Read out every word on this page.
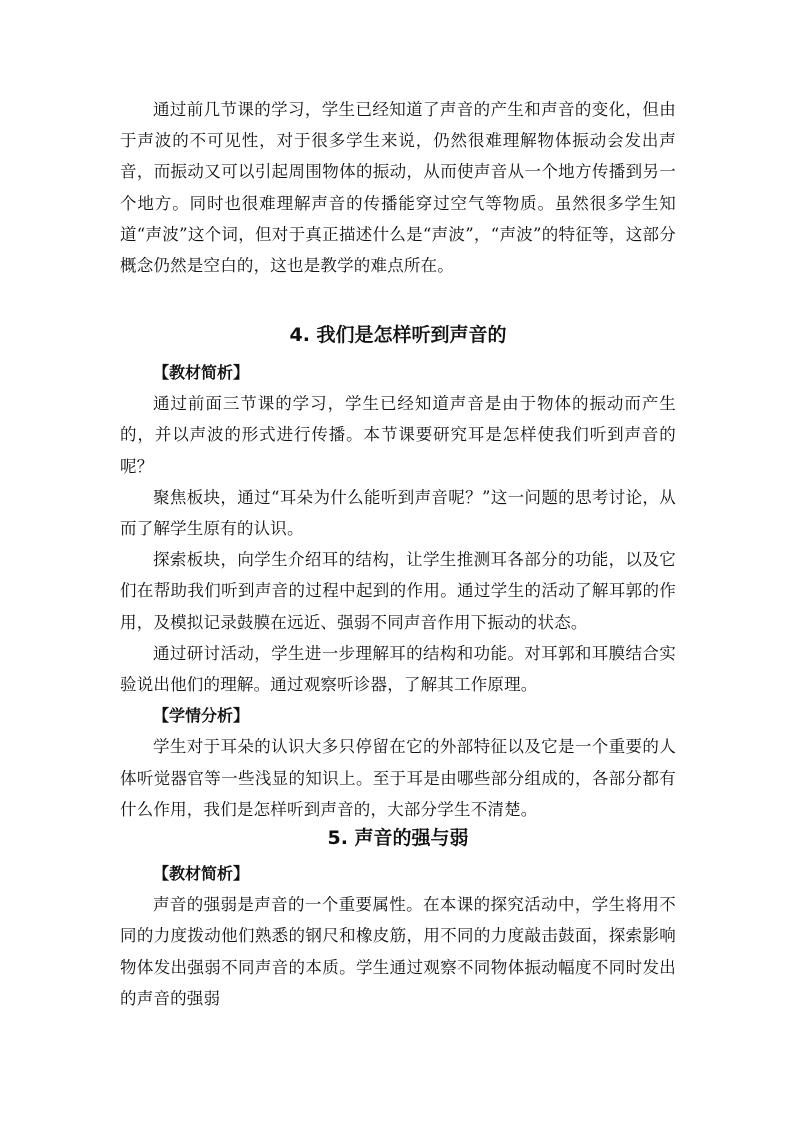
通过前几节课的学习，学生已经知道了声音的产生和声音的变化，但由于声波的不可见性，对于很多学生来说，仍然很难理解物体振动会发出声音，而振动又可以引起周围物体的振动，从而使声音从一个地方传播到另一个地方。同时也很难理解声音的传播能穿过空气等物质。虽然很多学生知道“声波”这个词，但对于真正描述什么是“声波”，“声波”的特征等，这部分概念仍然是空白的，这也是教学的难点所在。

4. 我们是怎样听到声音的

【教材简析】

通过前面三节课的学习，学生已经知道声音是由于物体的振动而产生的，并以声波的形式进行传播。本节课要研究耳是怎样使我们听到声音的呢？

聚焦板块，通过“耳朵为什么能听到声音呢？”这一问题的思考讨论，从而了解学生原有的认识。

探索板块，向学生介绍耳的结构，让学生推测耳各部分的功能，以及它们在帮助我们听到声音的过程中起到的作用。通过学生的活动了解耳郭的作用，及模拟记录鼓膜在远近、强弱不同声音作用下振动的状态。

通过研讨活动，学生进一步理解耳的结构和功能。对耳郭和耳膜结合实验说出他们的理解。通过观察听诊器，了解其工作原理。

【学情分析】

学生对于耳朵的认识大多只停留在它的外部特征以及它是一个重要的人体听觉器官等一些浅显的知识上。至于耳是由哪些部分组成的，各部分都有什么作用，我们是怎样听到声音的，大部分学生不清楚。

5. 声音的强与弱

【教材简析】

声音的强弱是声音的一个重要属性。在本课的探究活动中，学生将用不同的力度拨动他们熟悉的钢尺和橡皮筋，用不同的力度敲击鼓面，探索影响物体发出强弱不同声音的本质。学生通过观察不同物体振动幅度不同时发出的声音的强弱
